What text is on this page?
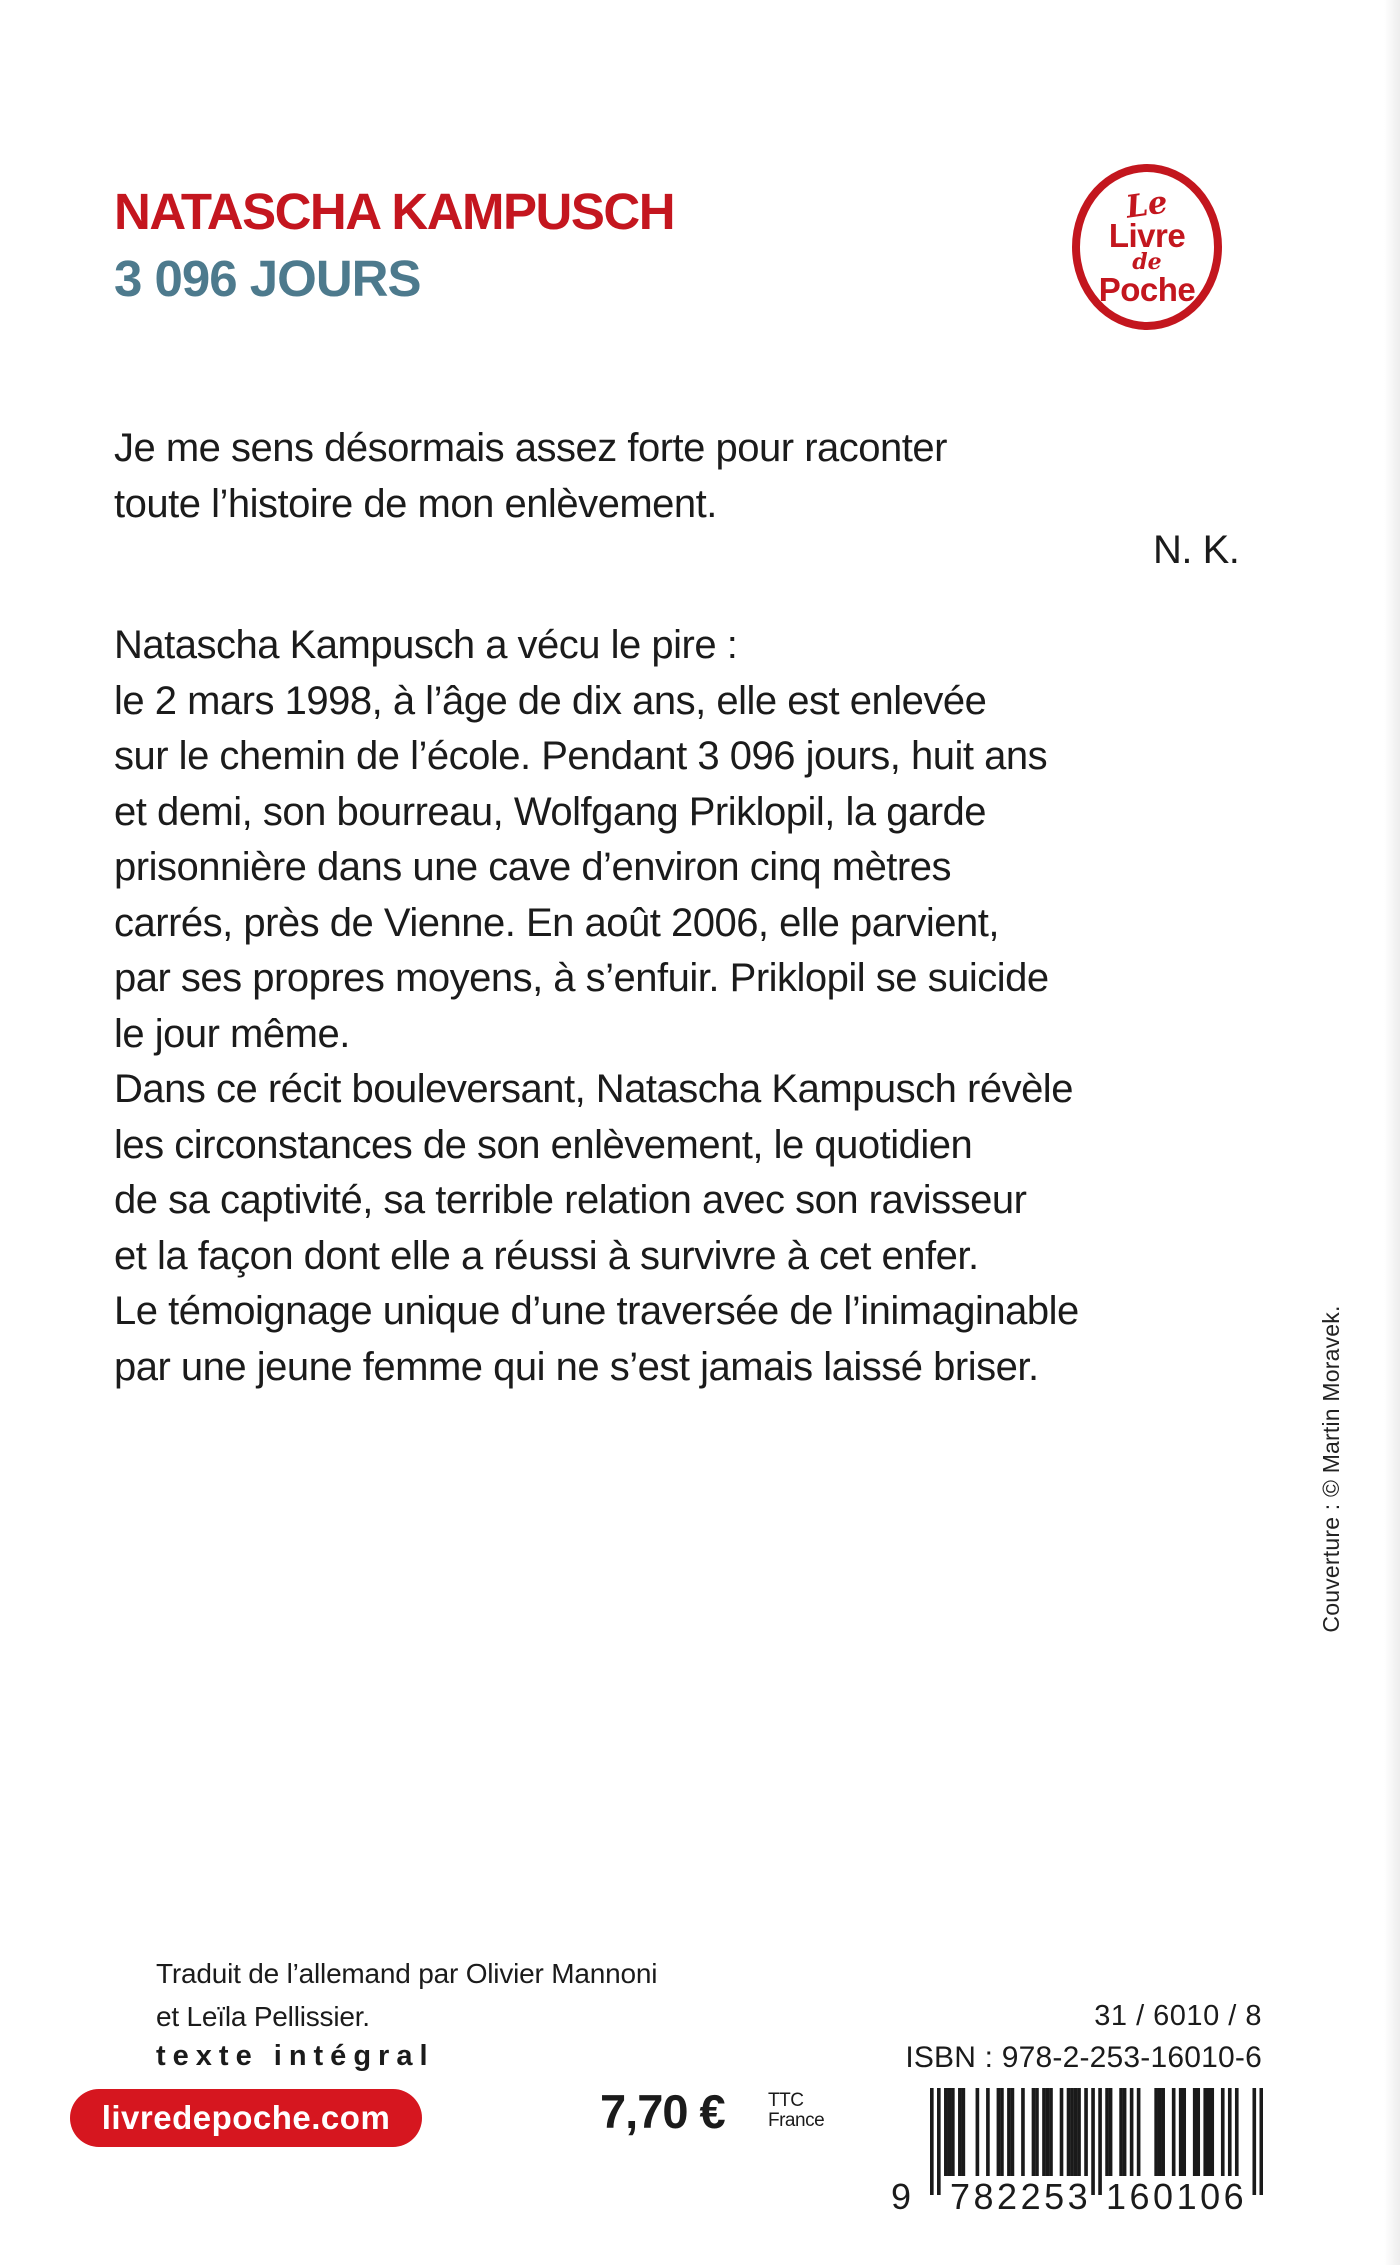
NATASCHA KAMPUSCH
3 096 JOURS
Le
Livre
de
Poche
Je me sens désormais assez forte pour raconter
toute l’histoire de mon enlèvement.
N. K.
Natascha Kampusch a vécu le pire :
le 2 mars 1998, à l’âge de dix ans, elle est enlevée
sur le chemin de l’école. Pendant 3 096 jours, huit ans
et demi, son bourreau, Wolfgang Priklopil, la garde
prisonnière dans une cave d’environ cinq mètres
carrés, près de Vienne. En août 2006, elle parvient,
par ses propres moyens, à s’enfuir. Priklopil se suicide
le jour même.
Dans ce récit bouleversant, Natascha Kampusch révèle
les circonstances de son enlèvement, le quotidien
de sa captivité, sa terrible relation avec son ravisseur
et la façon dont elle a réussi à survivre à cet enfer.
Le témoignage unique d’une traversée de l’inimaginable
par une jeune femme qui ne s’est jamais laissé briser.
Traduit de l’allemand par Olivier Mannoni
et Leïla Pellissier.
texte intégral
livredepoche.com	7,70 € TTC
France
31 / 6010 / 8
ISBN : 978-2-253-16010-6
9 782253 160106
Couverture : © Martin Moravek.
